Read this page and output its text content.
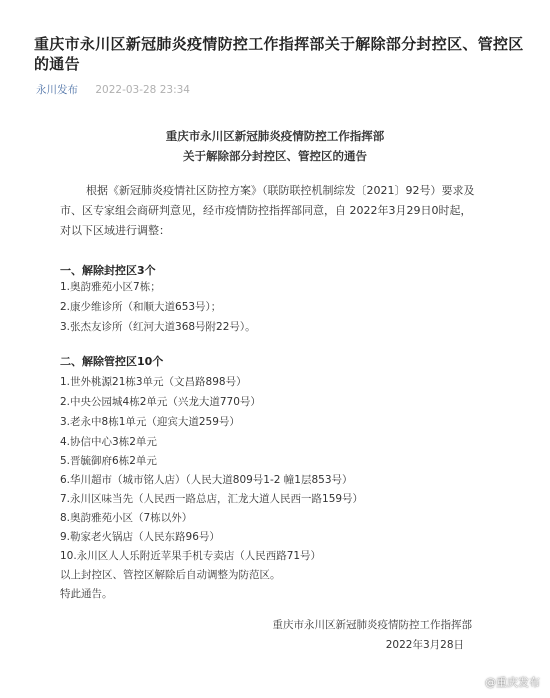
重庆市永川区新冠肺炎疫情防控工作指挥部关于解除部分封控区、管控区的通告
永川发布 2022-03-28 23:34
重庆市永川区新冠肺炎疫情防控工作指挥部
关于解除部分封控区、管控区的通告
根据《新冠肺炎疫情社区防控方案》（联防联控机制综发〔2021〕92号）要求及市、区专家组会商研判意见，经市疫情防控指挥部同意，自 2022年3月29日0时起，对以下区域进行调整：
一、解除封控区3个
1.奥韵雅苑小区7栋；
2.康少维诊所（和顺大道653号）；
3.张杰友诊所（红河大道368号附22号）。
二、解除管控区10个
1.世外桃源21栋3单元（文昌路898号）
2.中央公园城4栋2单元（兴龙大道770号）
3.老永中8栋1单元（迎宾大道259号）
4.协信中心3栋2单元
5.晋毓御府6栋2单元
6.华川超市（城市铭人店）（人民大道809号1-2 幢1层853号）
7.永川区味当先（人民西一路总店，汇龙大道人民西一路159号）
8.奥韵雅苑小区（7栋以外）
9.勒家老火锅店（人民东路96号）
10.永川区人人乐附近苹果手机专卖店（人民西路71号）
以上封控区、管控区解除后自动调整为防范区。
特此通告。
重庆市永川区新冠肺炎疫情防控工作指挥部
2022年3月28日
@重庆发布
